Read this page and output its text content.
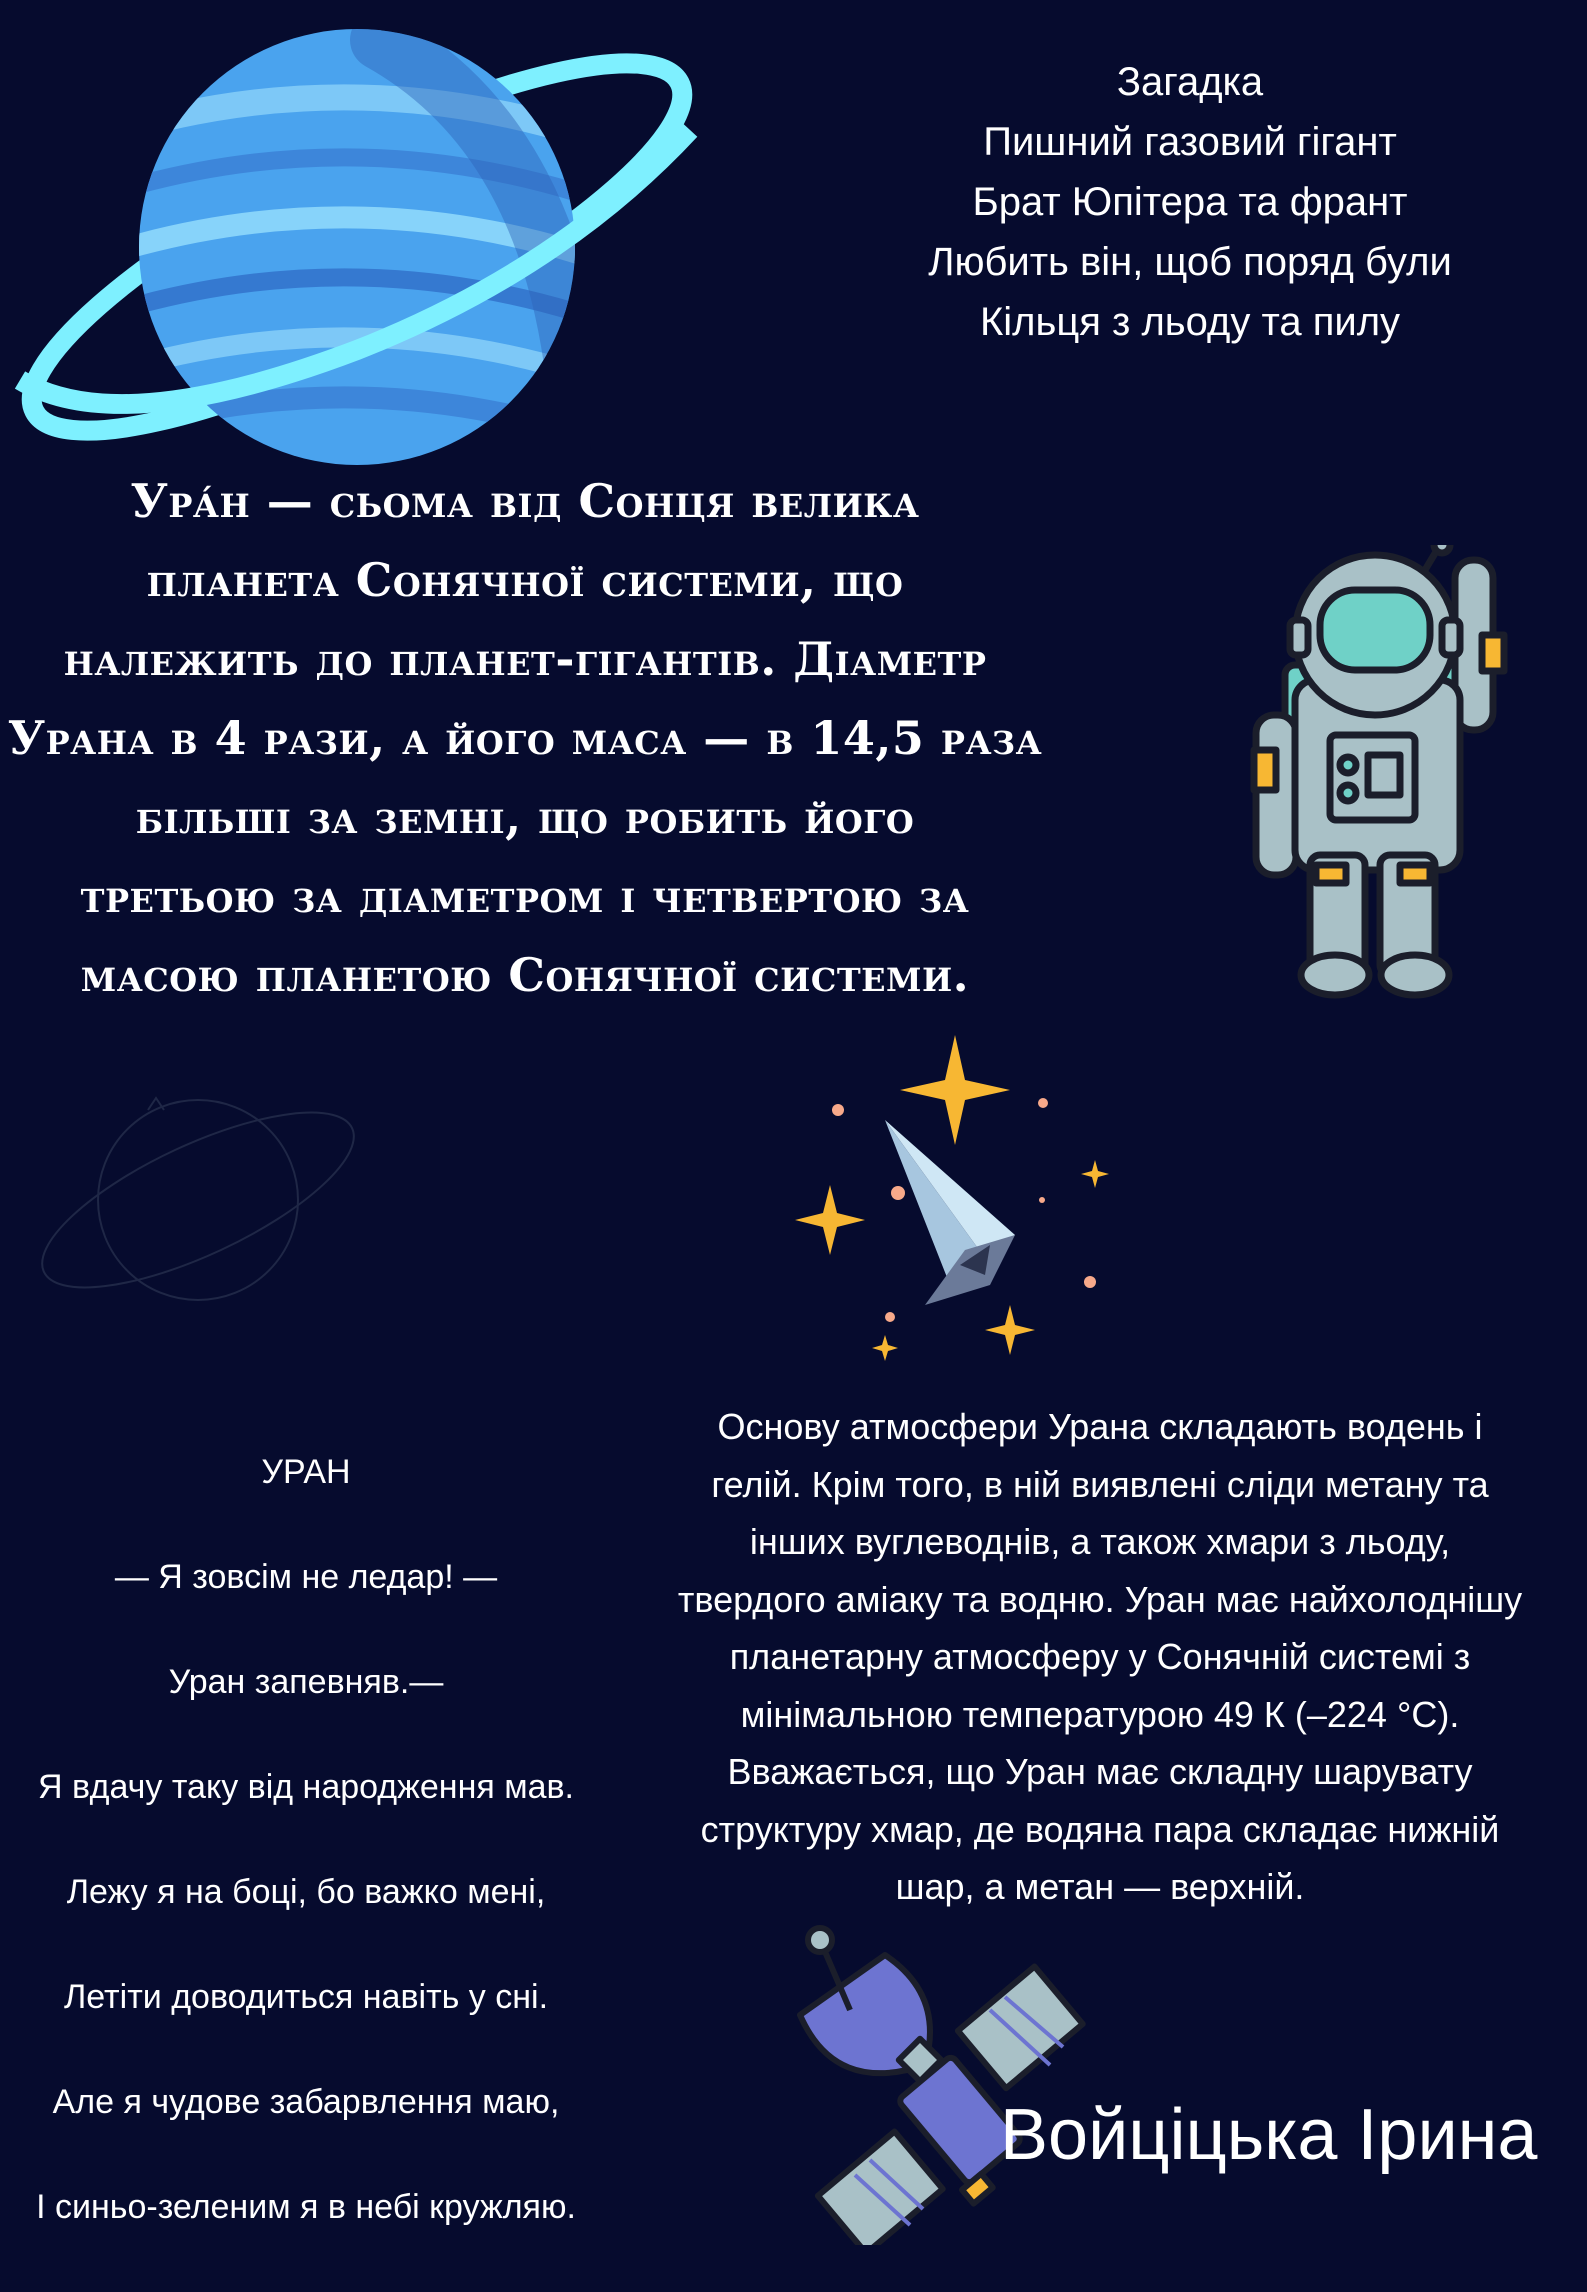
Загадка
Пишний газовий гігант
Брат Юпітера та франт
Любить він, щоб поряд були
Кільця з льоду та пилу
Ура́н — сьома від Сонця велика
планета Сонячної системи, що
належить до планет-гігантів. Діаметр
Урана в 4 рази, а його маса — в 14,5 раза
більші за земні, що робить його
третьою за діаметром і четвертою за
масою планетою Сонячної системи.
Основу атмосфери Урана складають водень і
гелій. Крім того, в ній виявлені сліди метану та
інших вуглеводнів, а також хмари з льоду,
твердого аміаку та водню. Уран має найхолоднішу
планетарну атмосферу у Сонячній системі з
мінімальною температурою 49 К (–224 °C).
Вважається, що Уран має складну шарувату
структуру хмар, де водяна пара складає нижній
шар, а метан — верхній.
УРАН
— Я зовсім не ледар! —
Уран запевняв.—
Я вдачу таку від народження мав.
Лежу я на боці, бо важко мені,
Летіти доводиться навіть у сні.
Але я чудове забарвлення маю,
І синьо-зеленим я в небі кружляю.
Войціцька Ірина
